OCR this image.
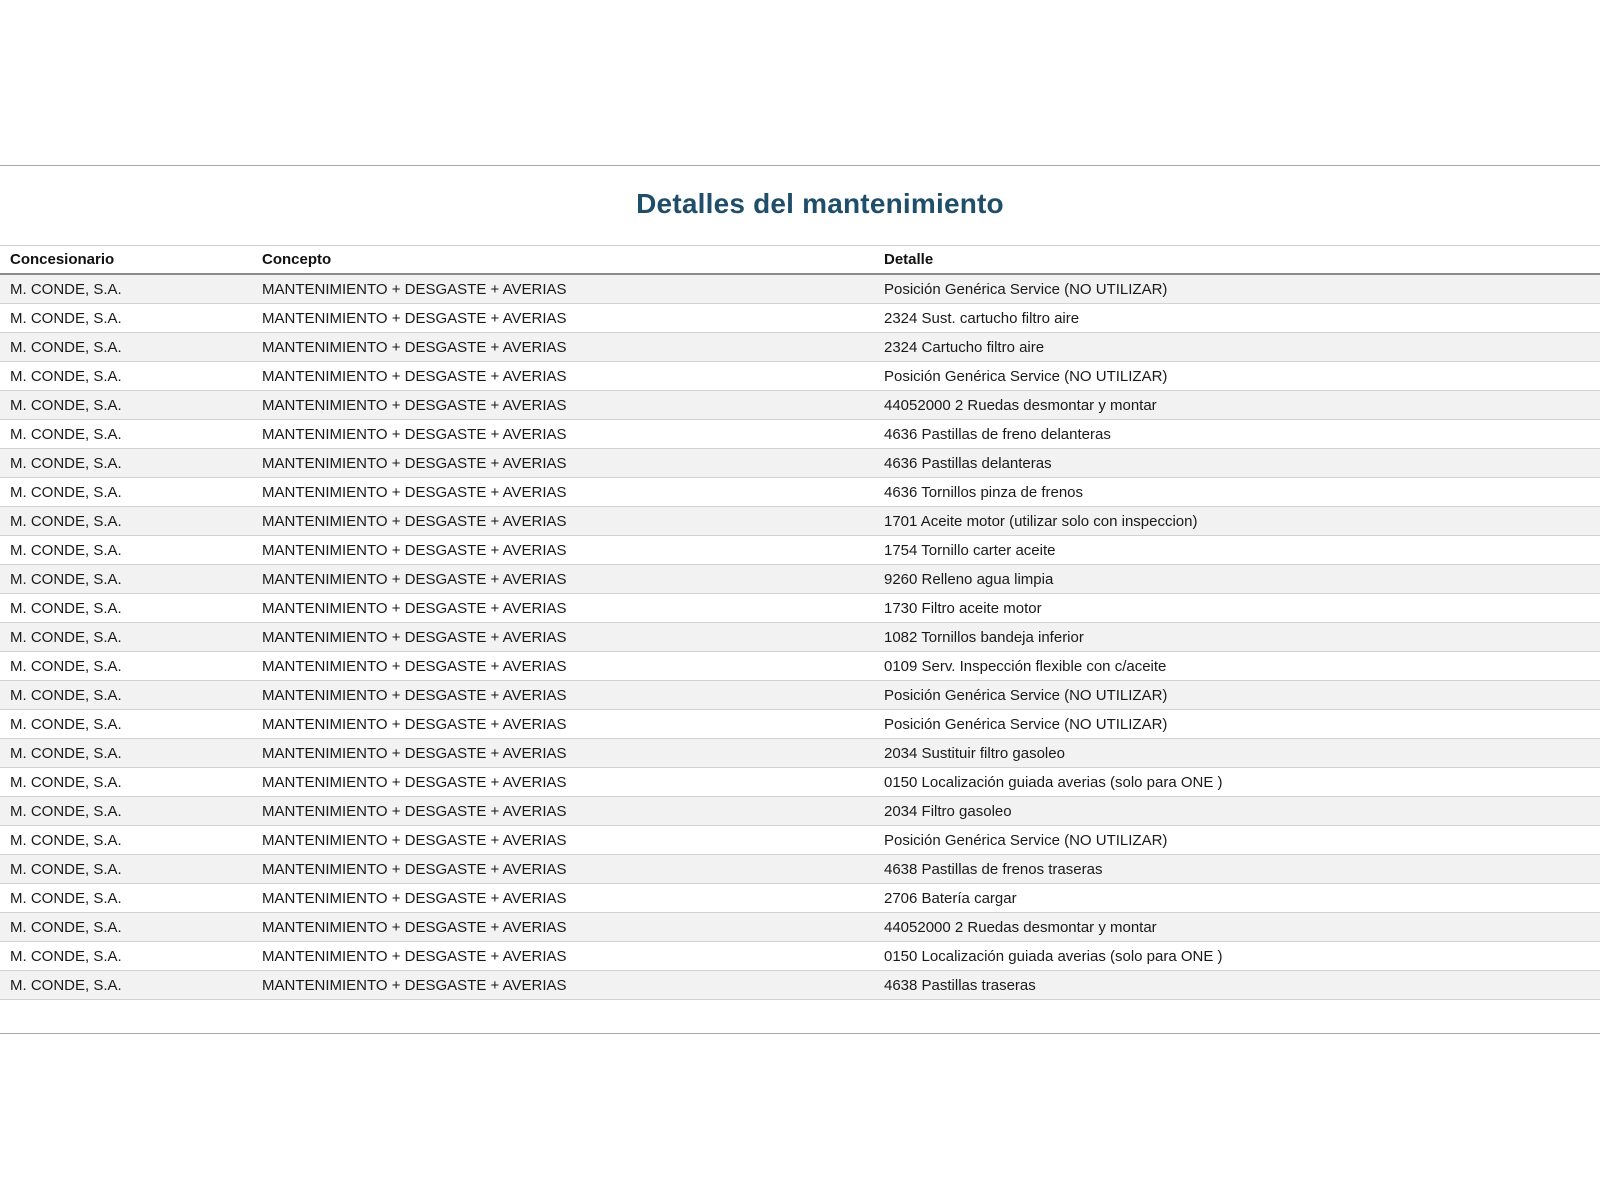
Detalles del mantenimiento
Concesionario	Concepto	Detalle
M. CONDE, S.A.	MANTENIMIENTO + DESGASTE + AVERIAS	Posición Genérica Service (NO UTILIZAR)
M. CONDE, S.A.	MANTENIMIENTO + DESGASTE + AVERIAS	2324 Sust. cartucho filtro aire
M. CONDE, S.A.	MANTENIMIENTO + DESGASTE + AVERIAS	2324 Cartucho filtro aire
M. CONDE, S.A.	MANTENIMIENTO + DESGASTE + AVERIAS	Posición Genérica Service (NO UTILIZAR)
M. CONDE, S.A.	MANTENIMIENTO + DESGASTE + AVERIAS	44052000 2 Ruedas desmontar y montar
M. CONDE, S.A.	MANTENIMIENTO + DESGASTE + AVERIAS	4636 Pastillas de freno delanteras
M. CONDE, S.A.	MANTENIMIENTO + DESGASTE + AVERIAS	4636 Pastillas delanteras
M. CONDE, S.A.	MANTENIMIENTO + DESGASTE + AVERIAS	4636 Tornillos pinza de frenos
M. CONDE, S.A.	MANTENIMIENTO + DESGASTE + AVERIAS	1701 Aceite motor (utilizar solo con inspeccion)
M. CONDE, S.A.	MANTENIMIENTO + DESGASTE + AVERIAS	1754 Tornillo carter aceite
M. CONDE, S.A.	MANTENIMIENTO + DESGASTE + AVERIAS	9260 Relleno agua limpia
M. CONDE, S.A.	MANTENIMIENTO + DESGASTE + AVERIAS	1730 Filtro aceite motor
M. CONDE, S.A.	MANTENIMIENTO + DESGASTE + AVERIAS	1082 Tornillos bandeja inferior
M. CONDE, S.A.	MANTENIMIENTO + DESGASTE + AVERIAS	0109 Serv. Inspección flexible con c/aceite
M. CONDE, S.A.	MANTENIMIENTO + DESGASTE + AVERIAS	Posición Genérica Service (NO UTILIZAR)
M. CONDE, S.A.	MANTENIMIENTO + DESGASTE + AVERIAS	Posición Genérica Service (NO UTILIZAR)
M. CONDE, S.A.	MANTENIMIENTO + DESGASTE + AVERIAS	2034 Sustituir filtro gasoleo
M. CONDE, S.A.	MANTENIMIENTO + DESGASTE + AVERIAS	0150 Localización guiada averias (solo para ONE )
M. CONDE, S.A.	MANTENIMIENTO + DESGASTE + AVERIAS	2034 Filtro gasoleo
M. CONDE, S.A.	MANTENIMIENTO + DESGASTE + AVERIAS	Posición Genérica Service (NO UTILIZAR)
M. CONDE, S.A.	MANTENIMIENTO + DESGASTE + AVERIAS	4638 Pastillas de frenos traseras
M. CONDE, S.A.	MANTENIMIENTO + DESGASTE + AVERIAS	2706 Batería cargar
M. CONDE, S.A.	MANTENIMIENTO + DESGASTE + AVERIAS	44052000 2 Ruedas desmontar y montar
M. CONDE, S.A.	MANTENIMIENTO + DESGASTE + AVERIAS	0150 Localización guiada averias (solo para ONE )
M. CONDE, S.A.	MANTENIMIENTO + DESGASTE + AVERIAS	4638 Pastillas traseras
